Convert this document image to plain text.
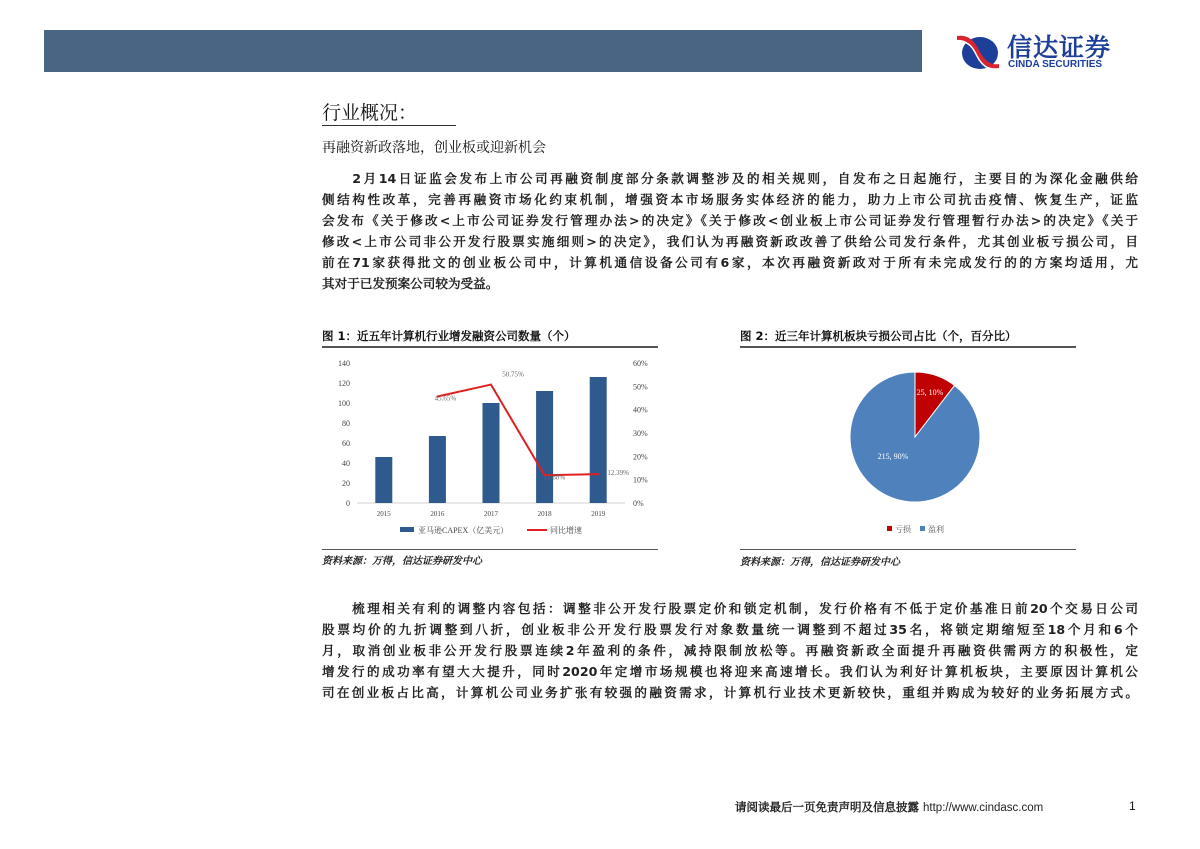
信达证券
CINDA SECURITIES
行业概况：
再融资新政落地，创业板或迎新机会
　　2月14日证监会发布上市公司再融资制度部分条款调整涉及的相关规则，自发布之日起施行，主要目的为深化金融供给
侧结构性改革，完善再融资市场化约束机制，增强资本市场服务实体经济的能力，助力上市公司抗击疫情、恢复生产，证监
会发布《关于修改<上市公司证券发行管理办法>的决定》《关于修改<创业板上市公司证券发行管理暂行办法>的决定》《关于
修改<上市公司非公开发行股票实施细则>的决定》，我们认为再融资新政改善了供给公司发行条件，尤其创业板亏损公司，目
前在71家获得批文的创业板公司中，计算机通信设备公司有6家，本次再融资新政对于所有未完成发行的的方案均适用，尤
其对于已发预案公司较为受益。
图 1：近五年计算机行业增发融资公司数量（个）
0
20
40
60
80
100
120
140
0%
10%
20%
30%
40%
50%
60%
2015	2016	2017	2018	2019
45.65%
50.75%
11.88%
12.39%
亚马逊CAPEX（亿美元）	同比增速
资料来源：万得，信达证券研发中心
图 2：近三年计算机板块亏损公司占比（个，百分比）
25, 10%
215, 90%
亏损 盈利
资料来源：万得，信达证券研发中心
　　梳理相关有利的调整内容包括：调整非公开发行股票定价和锁定机制，发行价格有不低于定价基准日前20个交易日公司
股票均价的九折调整到八折，创业板非公开发行股票发行对象数量统一调整到不超过35名，将锁定期缩短至18个月和6个
月，取消创业板非公开发行股票连续2年盈利的条件，减持限制放松等。再融资新政全面提升再融资供需两方的积极性，定
增发行的成功率有望大大提升，同时2020年定增市场规模也将迎来高速增长。我们认为利好计算机板块，主要原因计算机公
司在创业板占比高，计算机公司业务扩张有较强的融资需求，计算机行业技术更新较快，重组并购成为较好的业务拓展方式。
请阅读最后一页免责声明及信息披露 http://www.cindasc.com	1
